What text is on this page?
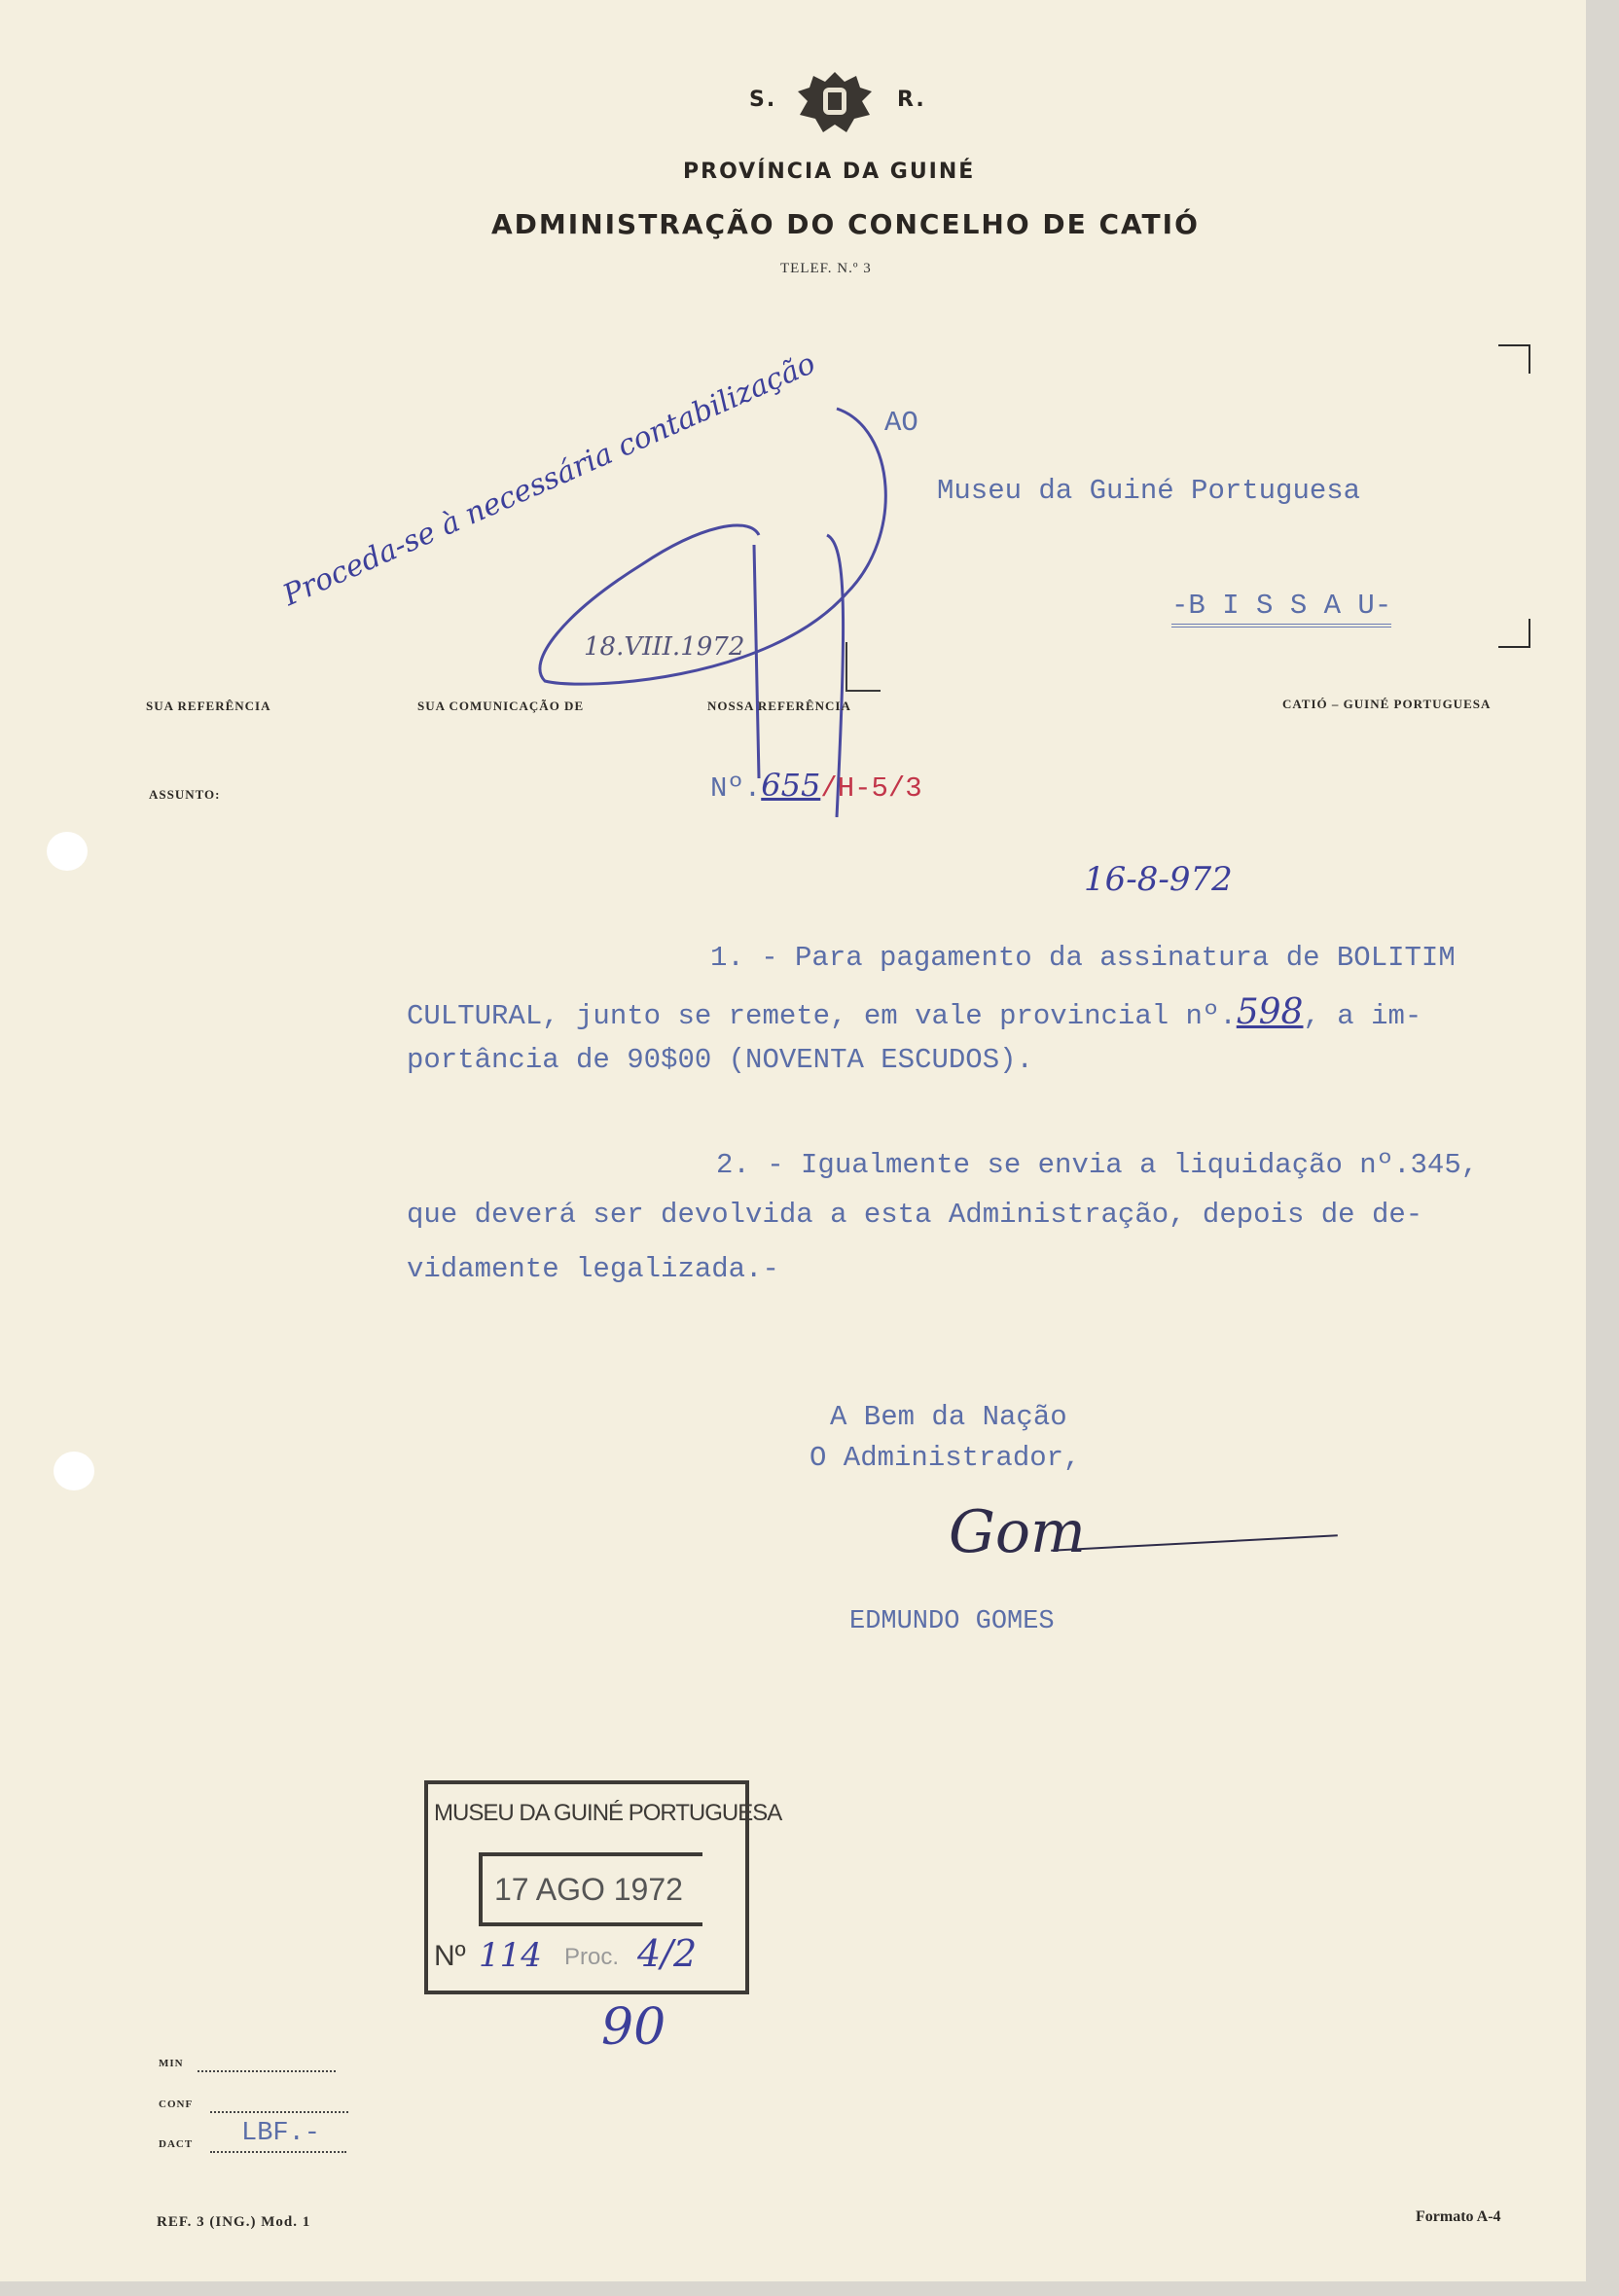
S.	R.
PROVÍNCIA DA GUINÉ
ADMINISTRAÇÃO DO CONCELHO DE CATIÓ
TELEF. N.º 3
Proceda-se à necessária contabilização
18.VIII.1972
AO
Museu da Guiné Portuguesa
-B I S S A U-
SUA REFERÊNCIA	SUA COMUNICAÇÃO DE	NOSSA REFERÊNCIA	CATIÓ – GUINÉ PORTUGUESA
ASSUNTO:	Nº.655/H-5/3
16-8-972
1. - Para pagamento da assinatura de BOLITIM
CULTURAL, junto se remete, em vale provincial nº.598, a im-
portância de 90$00 (NOVENTA ESCUDOS).
2. - Igualmente se envia a liquidação nº.345,
que deverá ser devolvida a esta Administração, depois de de-
vidamente legalizada.-
A Bem da Nação
O Administrador,
Gom
EDMUNDO GOMES
MUSEU DA GUINÉ PORTUGUESA
17 AGO 1972
Nº 114 Proc. 4/2
90
MIN
CONF
DACT LBF.-
REF. 3 (ING.) Mod. 1	Formato A-4
